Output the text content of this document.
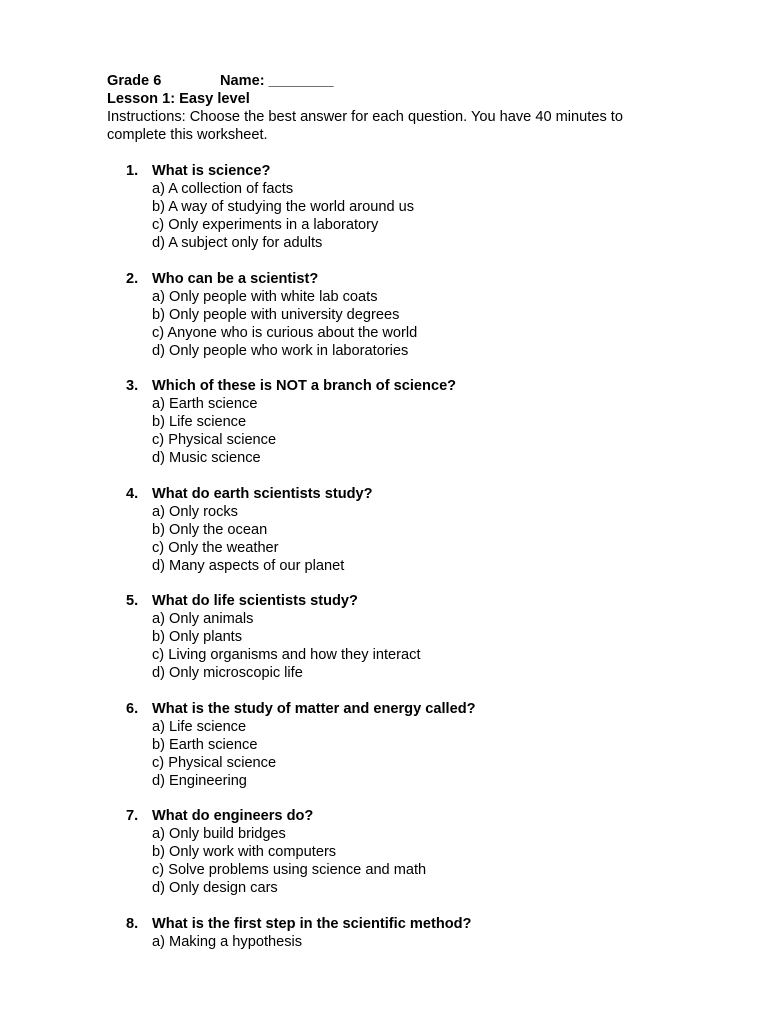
Grade 6	Name: ________
Lesson 1: Easy level
Instructions: Choose the best answer for each question. You have 40 minutes to complete this worksheet.
1. What is science?
a) A collection of facts
b) A way of studying the world around us
c) Only experiments in a laboratory
d) A subject only for adults
2. Who can be a scientist?
a) Only people with white lab coats
b) Only people with university degrees
c) Anyone who is curious about the world
d) Only people who work in laboratories
3. Which of these is NOT a branch of science?
a) Earth science
b) Life science
c) Physical science
d) Music science
4. What do earth scientists study?
a) Only rocks
b) Only the ocean
c) Only the weather
d) Many aspects of our planet
5. What do life scientists study?
a) Only animals
b) Only plants
c) Living organisms and how they interact
d) Only microscopic life
6. What is the study of matter and energy called?
a) Life science
b) Earth science
c) Physical science
d) Engineering
7. What do engineers do?
a) Only build bridges
b) Only work with computers
c) Solve problems using science and math
d) Only design cars
8. What is the first step in the scientific method?
a) Making a hypothesis
